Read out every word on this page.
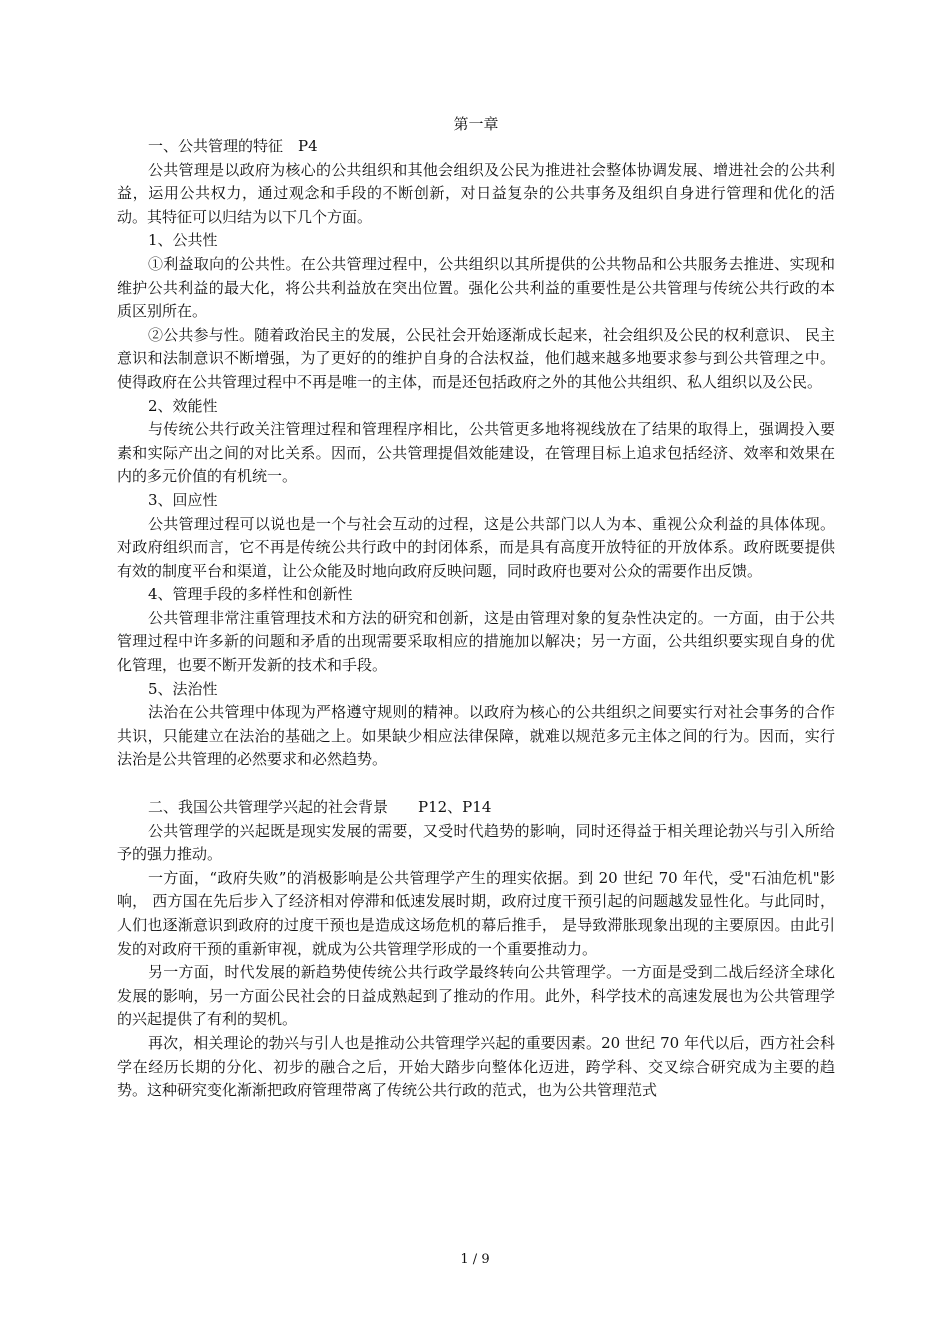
第一章

一、公共管理的特征　P4

公共管理是以政府为核心的公共组织和其他会组织及公民为推进社会整体协调发展、增进社会的公共利益，运用公共权力，通过观念和手段的不断创新，对日益复杂的公共事务及组织自身进行管理和优化的活动。其特征可以归结为以下几个方面。

1、公共性

①利益取向的公共性。在公共管理过程中，公共组织以其所提供的公共物品和公共服务去推进、实现和维护公共利益的最大化，将公共利益放在突出位置。强化公共利益的重要性是公共管理与传统公共行政的本质区别所在。

②公共参与性。随着政治民主的发展，公民社会开始逐渐成长起来，社会组织及公民的权利意识、 民主意识和法制意识不断增强，为了更好的的维护自身的合法权益，他们越来越多地要求参与到公共管理之中。使得政府在公共管理过程中不再是唯一的主体，而是还包括政府之外的其他公共组织、私人组织以及公民。

2、效能性

与传统公共行政关注管理过程和管理程序相比，公共管更多地将视线放在了结果的取得上，强调投入要素和实际产出之间的对比关系。因而，公共管理提倡效能建设，在管理目标上追求包括经济、效率和效果在内的多元价值的有机统一。

3、回应性

公共管理过程可以说也是一个与社会互动的过程，这是公共部门以人为本、重视公众利益的具体体现。对政府组织而言，它不再是传统公共行政中的封闭体系，而是具有高度开放特征的开放体系。政府既要提供有效的制度平台和渠道，让公众能及时地向政府反映问题，同时政府也要对公众的需要作出反馈。

4、管理手段的多样性和创新性

公共管理非常注重管理技术和方法的研究和创新，这是由管理对象的复杂性决定的。一方面，由于公共管理过程中许多新的问题和矛盾的出现需要采取相应的措施加以解决；另一方面，公共组织要实现自身的优化管理，也要不断开发新的技术和手段。

5、法治性

法治在公共管理中体现为严格遵守规则的精神。以政府为核心的公共组织之间要实行对社会事务的合作共识，只能建立在法治的基础之上。如果缺少相应法律保障，就难以规范多元主体之间的行为。因而，实行法治是公共管理的必然要求和必然趋势。

二、我国公共管理学兴起的社会背景　　P12、P14

公共管理学的兴起既是现实发展的需要，又受时代趋势的影响，同时还得益于相关理论勃兴与引入所给予的强力推动。

一方面，“政府失败”的消极影响是公共管理学产生的理实依据。到 20 世纪 70 年代，受"石油危机"影响， 西方国在先后步入了经济相对停滞和低速发展时期，政府过度干预引起的问题越发显性化。与此同时，人们也逐渐意识到政府的过度干预也是造成这场危机的幕后推手， 是导致滞胀现象出现的主要原因。由此引发的对政府干预的重新审视，就成为公共管理学形成的一个重要推动力。

另一方面，时代发展的新趋势使传统公共行政学最终转向公共管理学。一方面是受到二战后经济全球化发展的影响，另一方面公民社会的日益成熟起到了推动的作用。此外，科学技术的高速发展也为公共管理学的兴起提供了有利的契机。

再次，相关理论的勃兴与引人也是推动公共管理学兴起的重要因素。20 世纪 70 年代以后，西方社会科学在经历长期的分化、初步的融合之后，开始大踏步向整体化迈进，跨学科、交叉综合研究成为主要的趋势。这种研究变化渐渐把政府管理带离了传统公共行政的范式，也为公共管理范式

1 / 9
